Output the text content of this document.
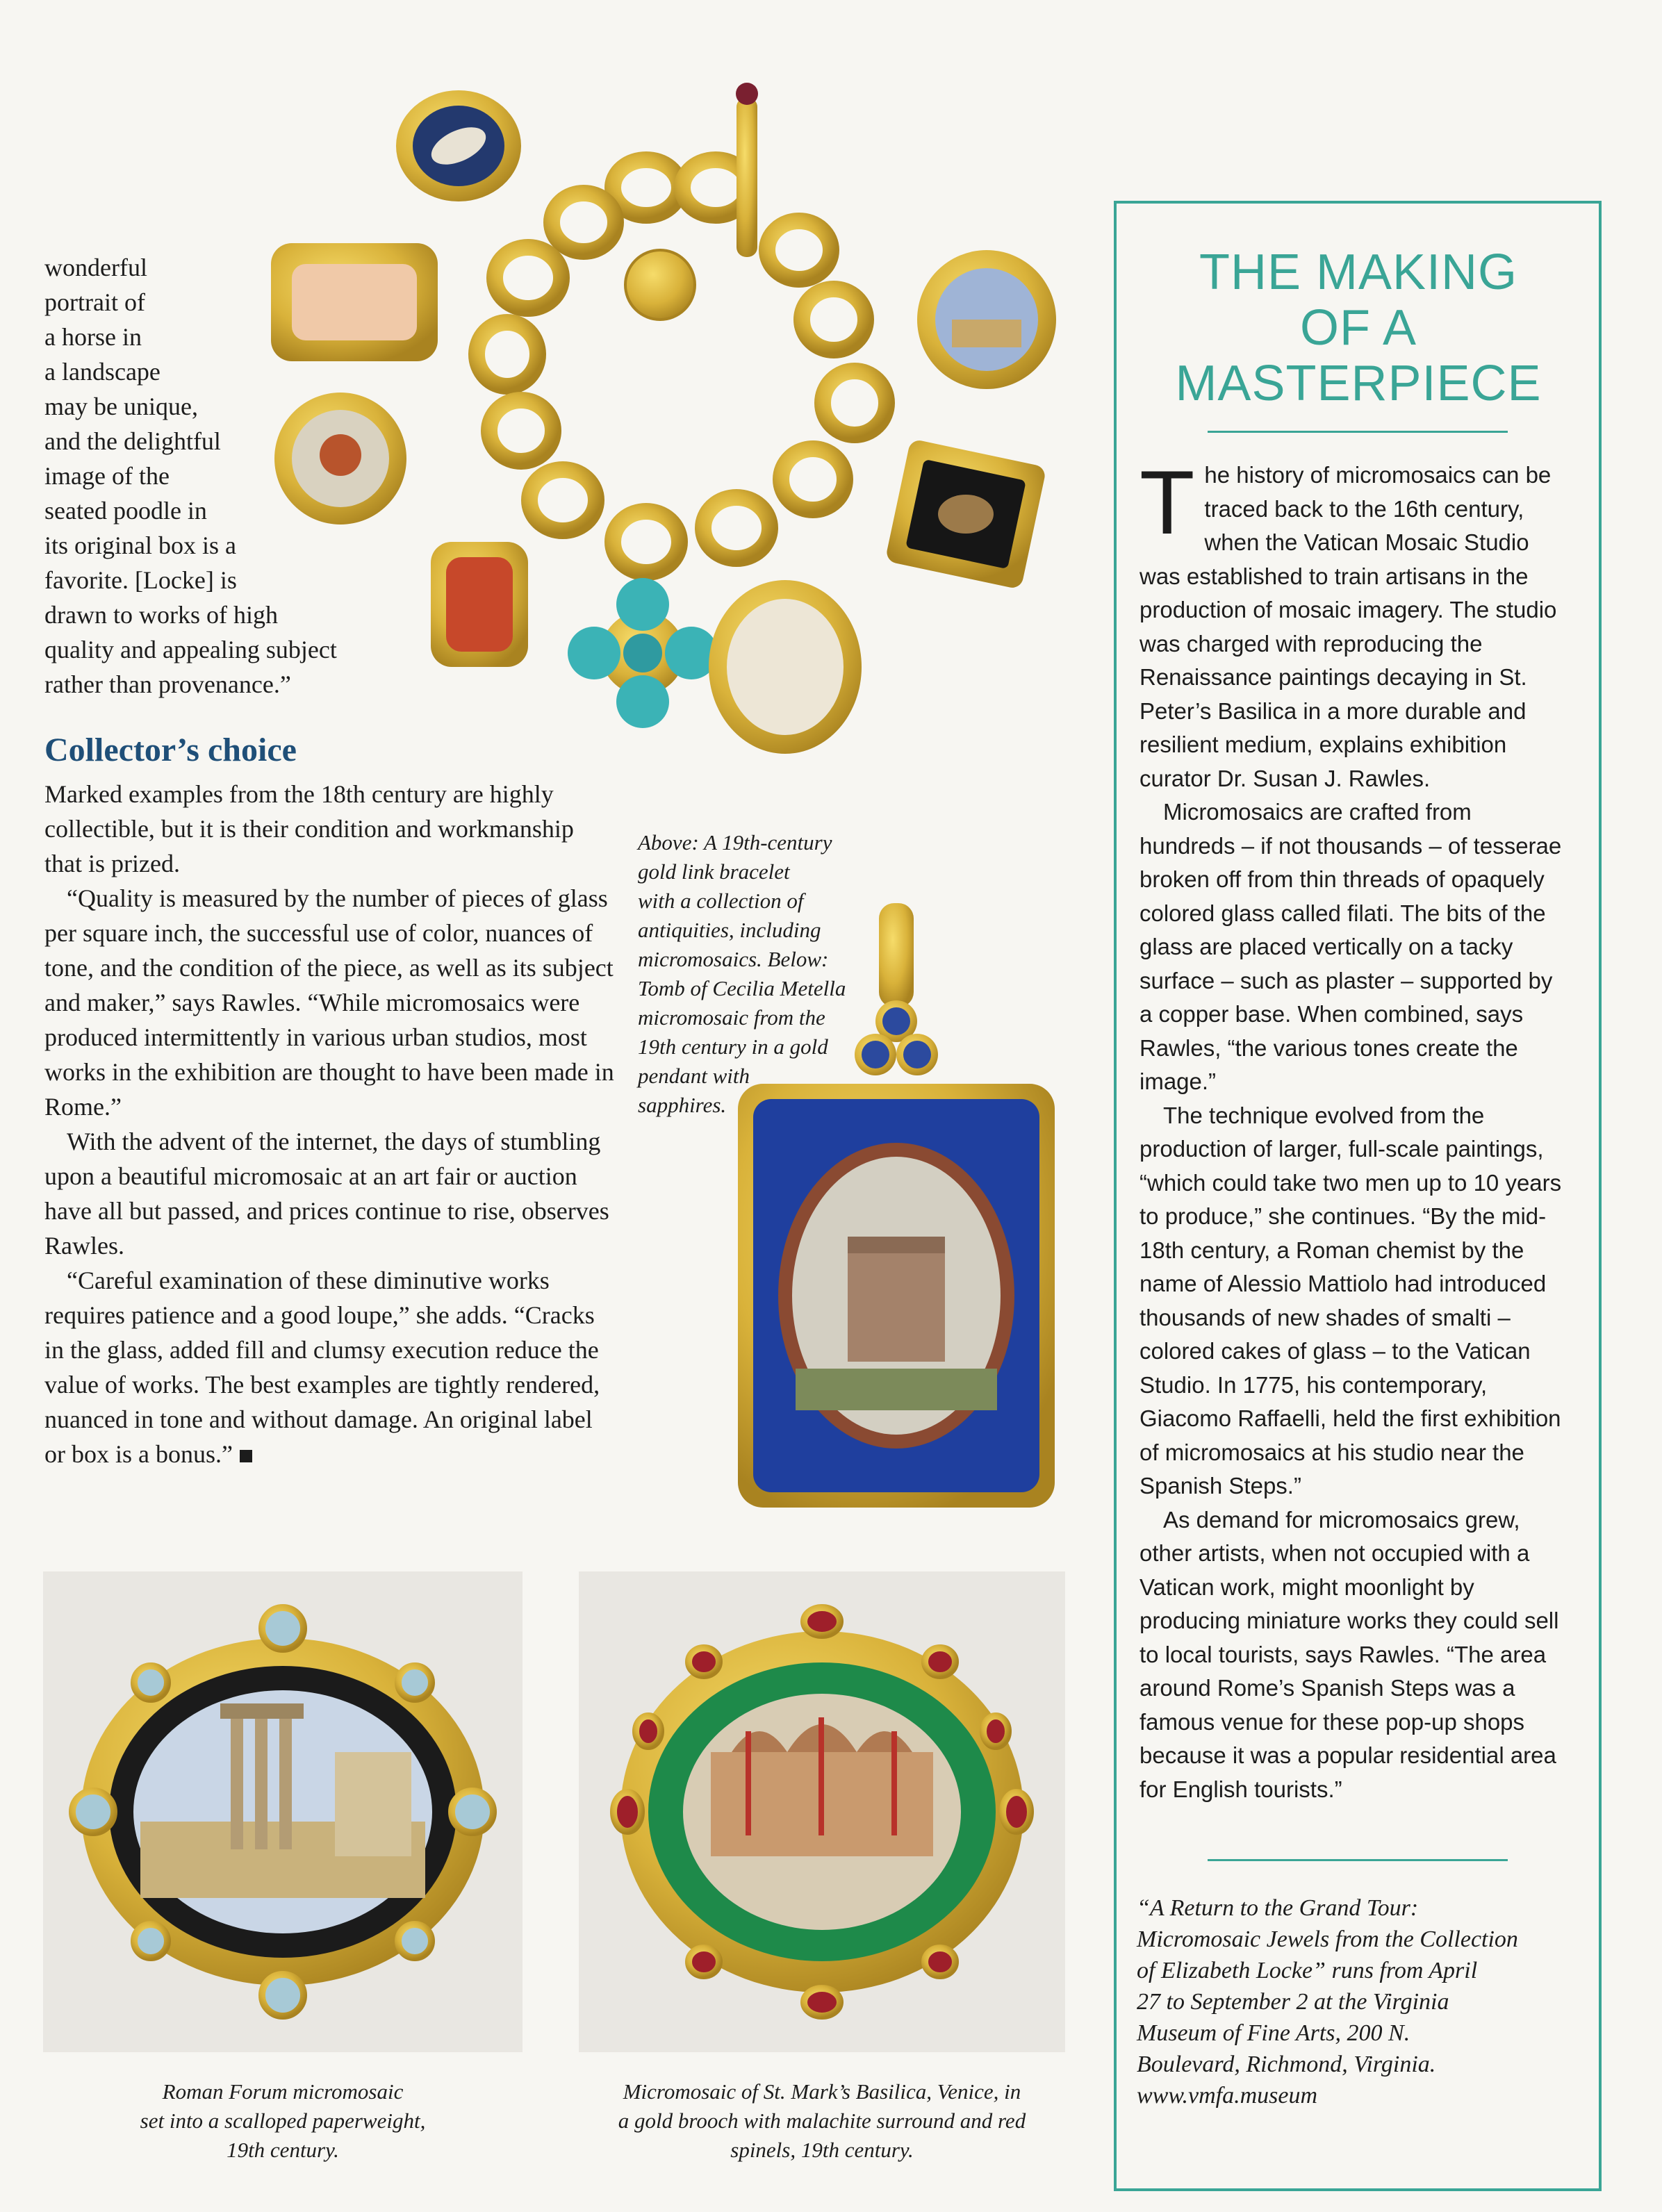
wonderful

portrait of

a horse in

a landscape

may be unique,

and the delightful

image of the

seated poodle in

its original box is a

favorite. [Locke] is

drawn to works of high

quality and appealing subject

rather than provenance.”

Collector’s choice

Marked examples from the 18th century are highly collectible, but it is their condition and workmanship that is prized.

“Quality is measured by the number of pieces of glass per square inch, the successful use of color, nuances of tone, and the condition of the piece, as well as its subject and maker,” says Rawles. “While micromosaics were produced intermittently in various urban studios, most works in the exhibition are thought to have been made in Rome.”

With the advent of the internet, the days of stumbling upon a beautiful micromosaic at an art fair or auction have all but passed, and prices continue to rise, observes Rawles.

“Careful examination of these diminutive works requires patience and a good loupe,” she adds. “Cracks in the glass, added fill and clumsy execution reduce the value of works. The best examples are tightly rendered, nuanced in tone and without damage. An original label or box is a bonus.”

Above: A 19th-century

gold link bracelet

with a collection of

antiquities, including

micromosaics. Below:

Tomb of Cecilia Metella

micromosaic from the

19th century in a gold

pendant with

sapphires.

THE MAKING

OF A

MASTERPIECE

T he history of micromosaics can be
traced back to the 16th century,
when the Vatican Mosaic Studio
was established to train artisans in the production of mosaic imagery. The studio was charged with reproducing the Renaissance paintings decaying in St. Peter’s Basilica in a more durable and resilient medium, explains exhibition curator Dr. Susan J. Rawles.

Micromosaics are crafted from hundreds – if not thousands – of tesserae broken off from thin threads of opaquely colored glass called filati. The bits of the glass are placed vertically on a tacky surface – such as plaster – supported by a copper base. When combined, says Rawles, “the various tones create the image.”

The technique evolved from the production of larger, full-scale paintings, “which could take two men up to 10 years to produce,” she continues. “By the mid-18th century, a Roman chemist by the name of Alessio Mattiolo had introduced thousands of new shades of smalti – colored cakes of glass – to the Vatican Studio. In 1775, his contemporary, Giacomo Raffaelli, held the first exhibition of micromosaics at his studio near the Spanish Steps.”

As demand for micromosaics grew, other artists, when not occupied with a Vatican work, might moonlight by producing miniature works they could sell to local tourists, says Rawles. “The area around Rome’s Spanish Steps was a famous venue for these pop-up shops because it was a popular residential area for English tourists.”

“A Return to the Grand Tour:

Micromosaic Jewels from the Collection

of Elizabeth Locke” runs from April

27 to September 2 at the Virginia

Museum of Fine Arts, 200 N.

Boulevard, Richmond, Virginia.

www.vmfa.museum

Roman Forum micromosaic

set into a scalloped paperweight,

19th century.

Micromosaic of St. Mark’s Basilica, Venice, in

a gold brooch with malachite surround and red

spinels, 19th century.
